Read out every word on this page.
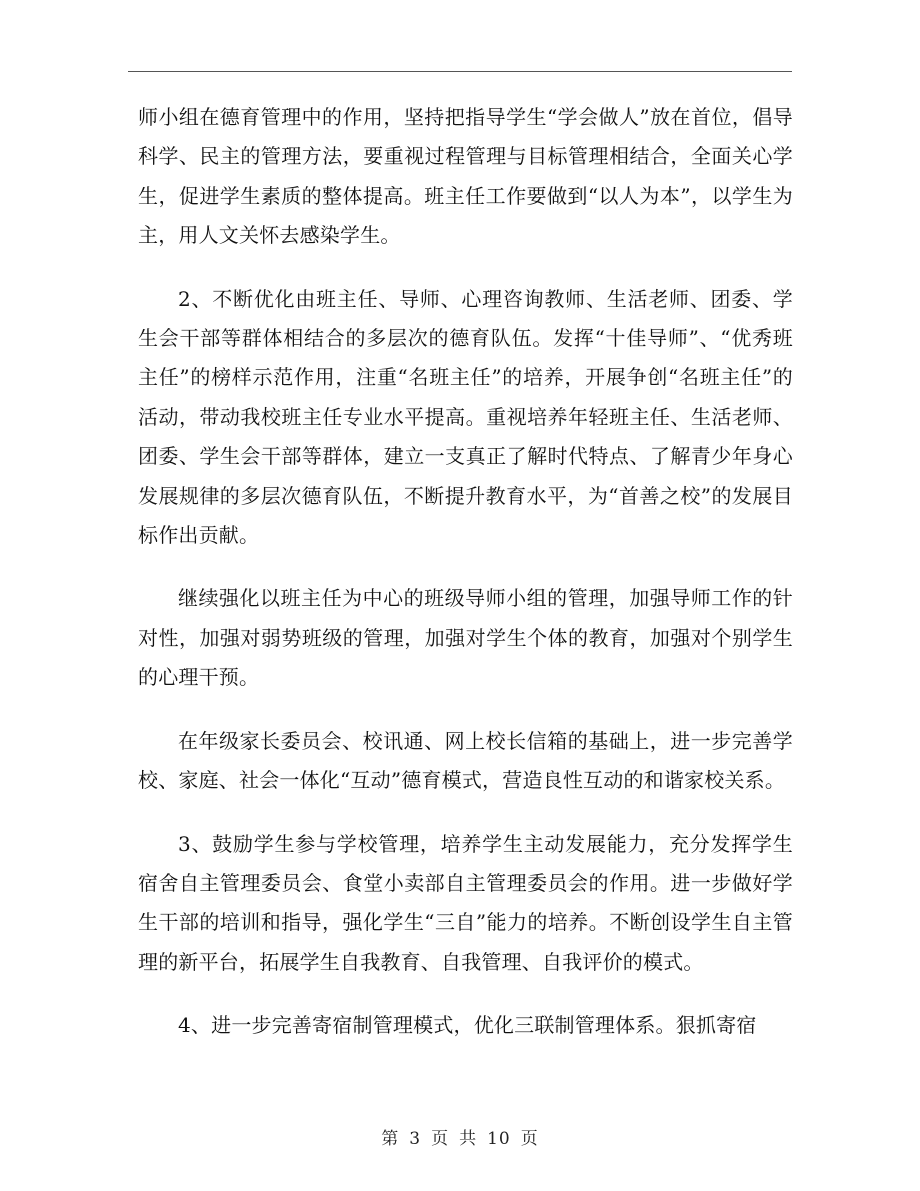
师小组在德育管理中的作用，坚持把指导学生“学会做人”放在首位，倡导科学、民主的管理方法，要重视过程管理与目标管理相结合，全面关心学生，促进学生素质的整体提高。班主任工作要做到“以人为本”，以学生为主，用人文关怀去感染学生。

2、不断优化由班主任、导师、心理咨询教师、生活老师、团委、学生会干部等群体相结合的多层次的德育队伍。发挥“十佳导师”、“优秀班主任”的榜样示范作用，注重“名班主任”的培养，开展争创“名班主任”的活动，带动我校班主任专业水平提高。重视培养年轻班主任、生活老师、团委、学生会干部等群体，建立一支真正了解时代特点、了解青少年身心发展规律的多层次德育队伍，不断提升教育水平，为“首善之校”的发展目标作出贡献。

继续强化以班主任为中心的班级导师小组的管理，加强导师工作的针对性，加强对弱势班级的管理，加强对学生个体的教育，加强对个别学生的心理干预。

在年级家长委员会、校讯通、网上校长信箱的基础上，进一步完善学校、家庭、社会一体化“互动”德育模式，营造良性互动的和谐家校关系。

3、鼓励学生参与学校管理，培养学生主动发展能力，充分发挥学生宿舍自主管理委员会、食堂小卖部自主管理委员会的作用。进一步做好学生干部的培训和指导，强化学生“三自”能力的培养。不断创设学生自主管理的新平台，拓展学生自我教育、自我管理、自我评价的模式。

4、进一步完善寄宿制管理模式，优化三联制管理体系。狠抓寄宿

第 3 页 共 10 页
